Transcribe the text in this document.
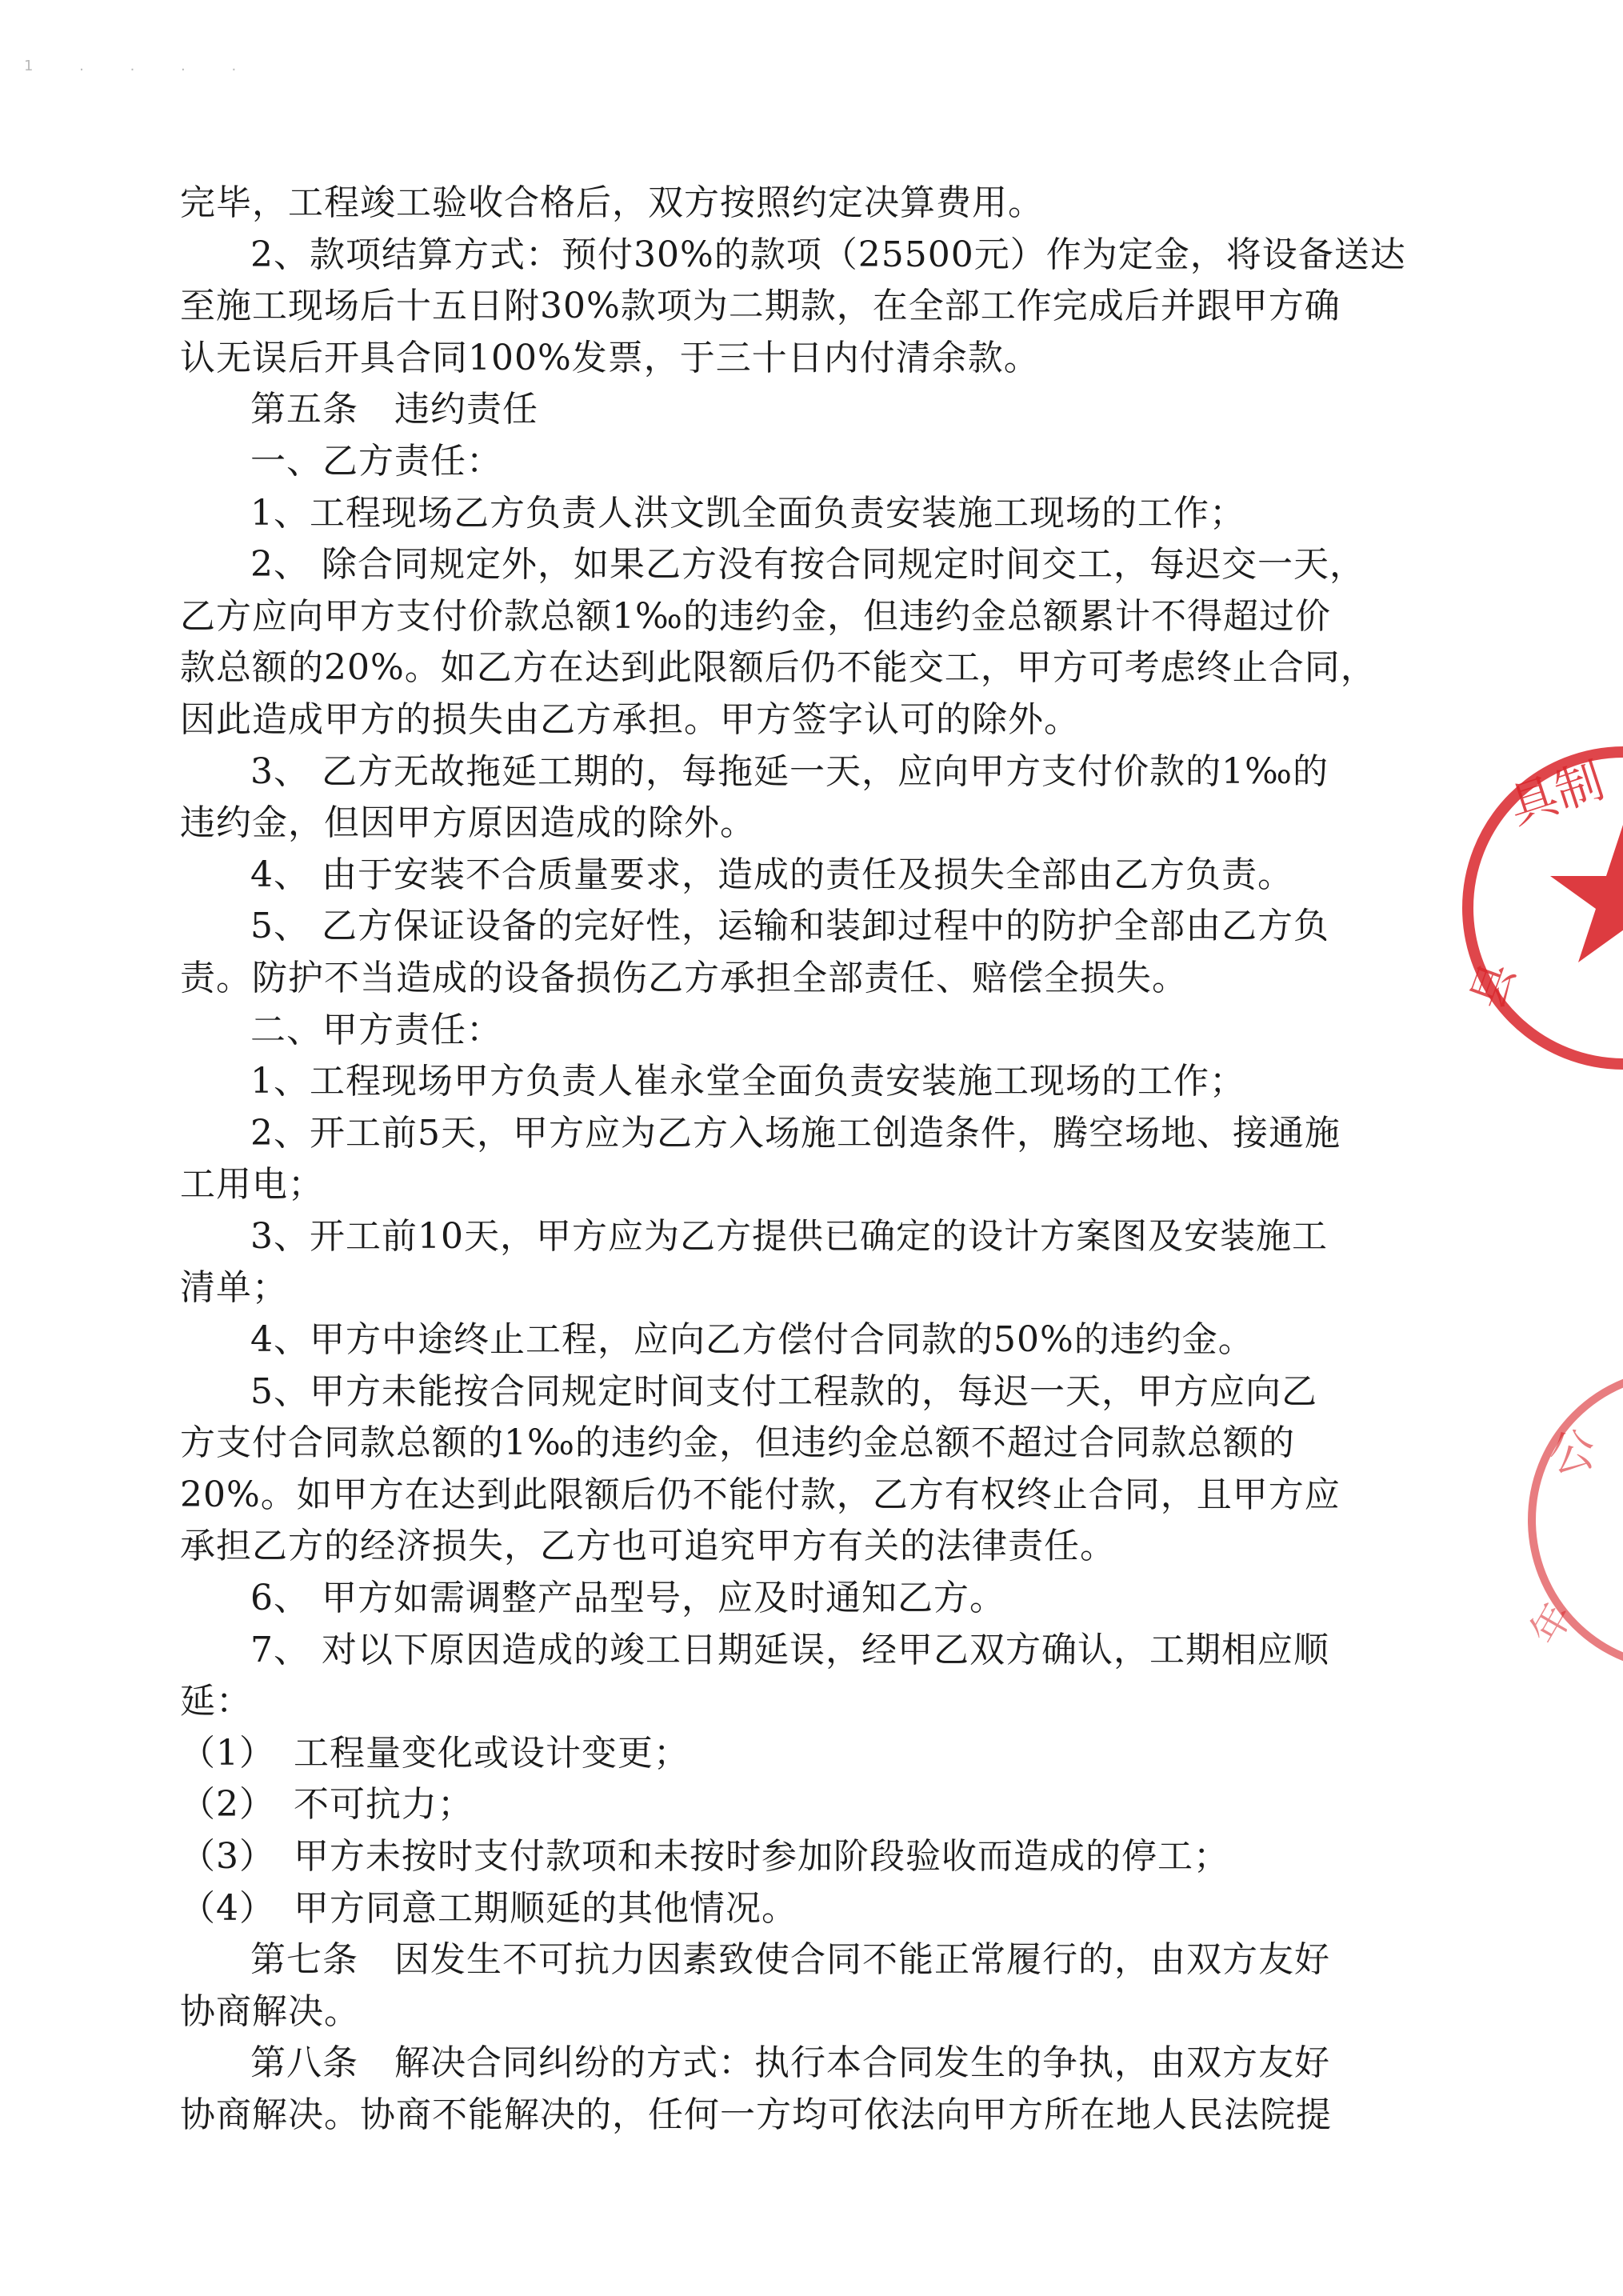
1 . . . .
完毕，工程竣工验收合格后，双方按照约定决算费用。
2、款项结算方式：预付30%的款项（25500元）作为定金，将设备送达
至施工现场后十五日附30%款项为二期款，在全部工作完成后并跟甲方确
认无误后开具合同100%发票，于三十日内付清余款。
第五条　违约责任
一、乙方责任：
1、工程现场乙方负责人洪文凯全面负责安装施工现场的工作；
2、 除合同规定外，如果乙方没有按合同规定时间交工，每迟交一天，
乙方应向甲方支付价款总额1‰的违约金，但违约金总额累计不得超过价
款总额的20%。如乙方在达到此限额后仍不能交工，甲方可考虑终止合同，
因此造成甲方的损失由乙方承担。甲方签字认可的除外。
3、 乙方无故拖延工期的，每拖延一天，应向甲方支付价款的1‰的
违约金，但因甲方原因造成的除外。
4、 由于安装不合质量要求，造成的责任及损失全部由乙方负责。
5、 乙方保证设备的完好性，运输和装卸过程中的防护全部由乙方负
责。防护不当造成的设备损伤乙方承担全部责任、赔偿全损失。
二、甲方责任：
1、工程现场甲方负责人崔永堂全面负责安装施工现场的工作；
2、开工前5天，甲方应为乙方入场施工创造条件，腾空场地、接通施
工用电；
3、开工前10天，甲方应为乙方提供已确定的设计方案图及安装施工
清单；
4、甲方中途终止工程，应向乙方偿付合同款的50%的违约金。
5、甲方未能按合同规定时间支付工程款的，每迟一天，甲方应向乙
方支付合同款总额的1‰的违约金，但违约金总额不超过合同款总额的
20%。如甲方在达到此限额后仍不能付款，乙方有权终止合同，且甲方应
承担乙方的经济损失，乙方也可追究甲方有关的法律责任。
6、 甲方如需调整产品型号，应及时通知乙方。
7、 对以下原因造成的竣工日期延误，经甲乙双方确认，工期相应顺
延：
（1）　工程量变化或设计变更；
（2）　不可抗力；
（3）　甲方未按时支付款项和未按时参加阶段验收而造成的停工；
（4）　甲方同意工期顺延的其他情况。
第七条　因发生不可抗力因素致使合同不能正常履行的，由双方友好
协商解决。
第八条　解决合同纠纷的方式：执行本合同发生的争执，由双方友好
协商解决。协商不能解决的，任何一方均可依法向甲方所在地人民法院提
具制
县
公
年
